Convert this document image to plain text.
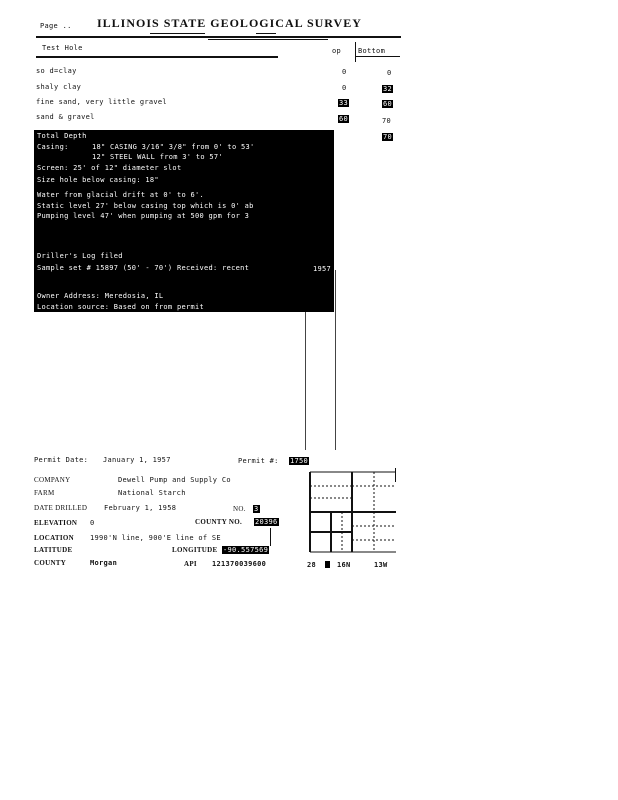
Page .. ILLINOIS STATE GEOLOGICAL SURVEY
Test Hole	op Bottom
so d=clay	0	0
shaly clay	0	32
fine sand, very little gravel	33	60
sand & gravel	60	70
70
Total Depth
Casing:	18" CASING 3/16" 3/8" from 0' to 53'
12" STEEL WALL from 3' to 57'
Screen: 25' of 12" diameter slot
Size hole below casing: 18"
Water from glacial drift at 0' to 6'.
Static level 27' below casing top which is 0' ab
Pumping level 47' when pumping at 500 gpm for 3
Driller's Log filed
Sample set # 15897 (50' - 70') Received: recent	1957
Owner Address: Meredosia, IL
Location source: Based on from permit
Permit Date: January 1, 1957	Permit #: 1750
COMPANY	Dewell Pump and Supply Co
FARM	National Starch
DATE DRILLED February 1, 1958	NO. 3
ELEVATION 0	COUNTY NO. 20396
LOCATION 1990'N line, 900'E line of SE
LATITUDE	LONGITUDE -90.557569
COUNTY	Morgan	API 121370039600	28	16N	13W
